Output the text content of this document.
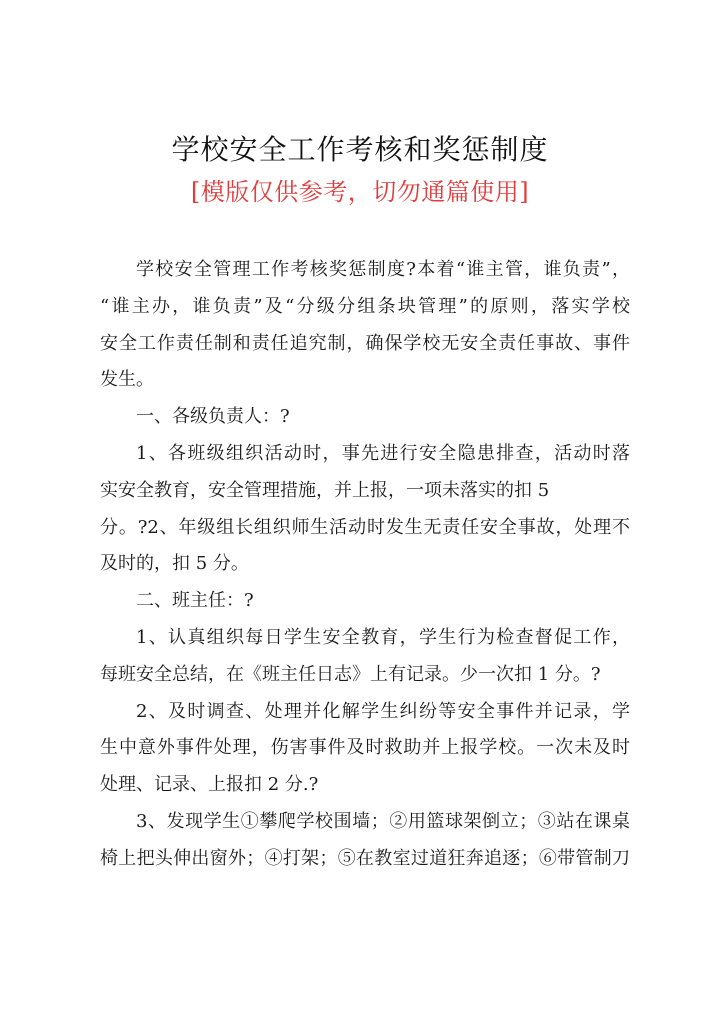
学校安全工作考核和奖惩制度
[模版仅供参考，切勿通篇使用]
学校安全管理工作考核奖惩制度?本着“谁主管，谁负责”，
“谁主办，谁负责”及“分级分组条块管理”的原则，落实学校
安全工作责任制和责任追究制，确保学校无安全责任事故、事件
发生。
一、各级负责人：?
1、各班级组织活动时，事先进行安全隐患排查，活动时落
实安全教育，安全管理措施，并上报，一项未落实的扣 5
分。?2、年级组长组织师生活动时发生无责任安全事故，处理不
及时的，扣 5 分。
二、班主任：?
1、认真组织每日学生安全教育，学生行为检查督促工作，
每班安全总结，在《班主任日志》上有记录。少一次扣 1 分。?
2、及时调查、处理并化解学生纠纷等安全事件并记录，学
生中意外事件处理，伤害事件及时救助并上报学校。一次未及时
处理、记录、上报扣 2 分.?
3、发现学生①攀爬学校围墙；②用篮球架倒立；③站在课桌
椅上把头伸出窗外；④打架；⑤在教室过道狂奔追逐；⑥带管制刀
